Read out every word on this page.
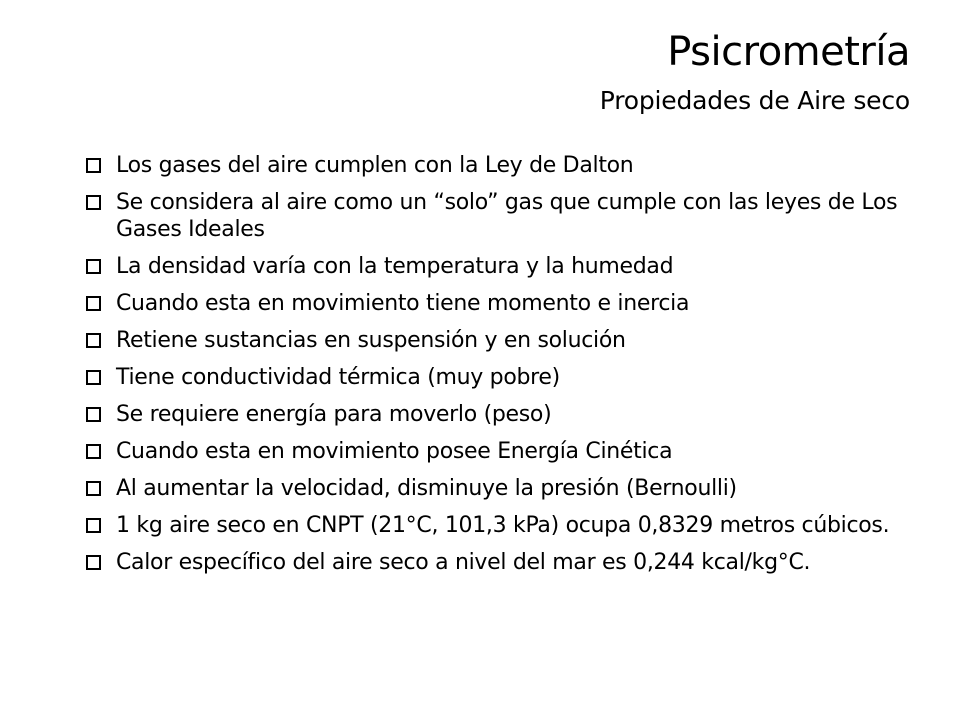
Psicrometría
Propiedades de Aire seco
Los gases del aire cumplen con la Ley de Dalton
Se considera al aire como un “solo” gas que cumple con las leyes de Los Gases Ideales
La densidad varía con la temperatura y la humedad
Cuando esta en movimiento tiene momento e inercia
Retiene sustancias en suspensión y en solución
Tiene conductividad térmica (muy pobre)
Se requiere energía para moverlo (peso)
Cuando esta en movimiento posee Energía Cinética
Al aumentar la velocidad, disminuye la presión (Bernoulli)
1 kg aire seco en CNPT (21°C, 101,3 kPa) ocupa 0,8329 metros cúbicos.
Calor específico del aire seco a nivel del mar es 0,244 kcal/kg°C.
